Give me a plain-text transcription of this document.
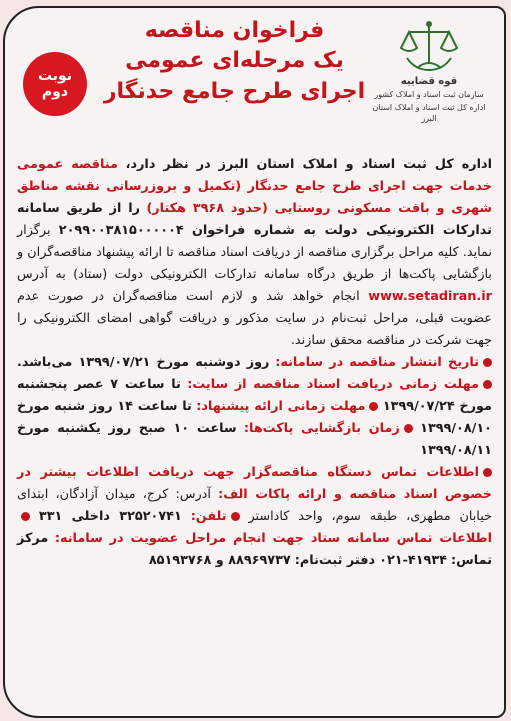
نوبت
دوم
فراخوان مناقصه
یک مرحله‌ای عمومی
اجرای طرح جامع حدنگار	قوه قضاییه
سازمان ثبت اسناد و املاک کشور
اداره کل ثبت اسناد و املاک استان البرز

اداره کل ثبت اسناد و املاک استان البرز در نظر دارد، مناقصه عمومی خدمات جهت اجرای طرح جامع حدنگار (تکمیل و بروزرسانی نقشه مناطق شهری و بافت مسکونی روستایی (حدود ۳۹۶۸ هکتار) را از طریق سامانه تدارکات الکترونیکی دولت به شماره فراخوان ۲۰۹۹۰۰۳۸۱۵۰۰۰۰۰۴ برگزار نماید. کلیه مراحل برگزاری مناقصه از دریافت اسناد مناقصه تا ارائه پیشنهاد مناقصه‌گران و بازگشایی پاکت‌ها از طریق درگاه سامانه تدارکات الکترونیکی دولت (ستاد) به آدرس www.setadiran.ir انجام خواهد شد و لازم است مناقصه‌گران در صورت عدم عضویت قبلی، مراحل ثبت‌نام در سایت مذکور و دریافت گواهی امضای الکترونیکی را جهت شرکت در مناقصه محقق سازند.

تاریخ انتشار مناقصه در سامانه: روز دوشنبه مورخ ۱۳۹۹/۰۷/۲۱ می‌باشد. مهلت زمانی دریافت اسناد مناقصه از سایت: تا ساعت ۷ عصر پنجشنبه مورخ ۱۳۹۹/۰۷/۲۴ مهلت زمانی ارائه پیشنهاد: تا ساعت ۱۴ روز شنبه مورخ ۱۳۹۹/۰۸/۱۰ زمان بازگشایی پاکت‌ها: ساعت ۱۰ صبح روز یکشنبه مورخ ۱۳۹۹/۰۸/۱۱

اطلاعات تماس دستگاه مناقصه‌گزار جهت دریافت اطلاعات بیشتر در خصوص اسناد مناقصه و ارائه پاکات الف: آدرس: کرج، میدان آزادگان، ابتدای خیابان مطهری، طبقه سوم، واحد کاداستر تلفن: ۳۲۵۲۰۷۴۱ داخلی ۳۳۱ اطلاعات تماس سامانه ستاد جهت انجام مراحل عضویت در سامانه: مرکز تماس: ۴۱۹۳۴-۰۲۱ دفتر ثبت‌نام: ۸۸۹۶۹۷۳۷ و ۸۵۱۹۳۷۶۸
